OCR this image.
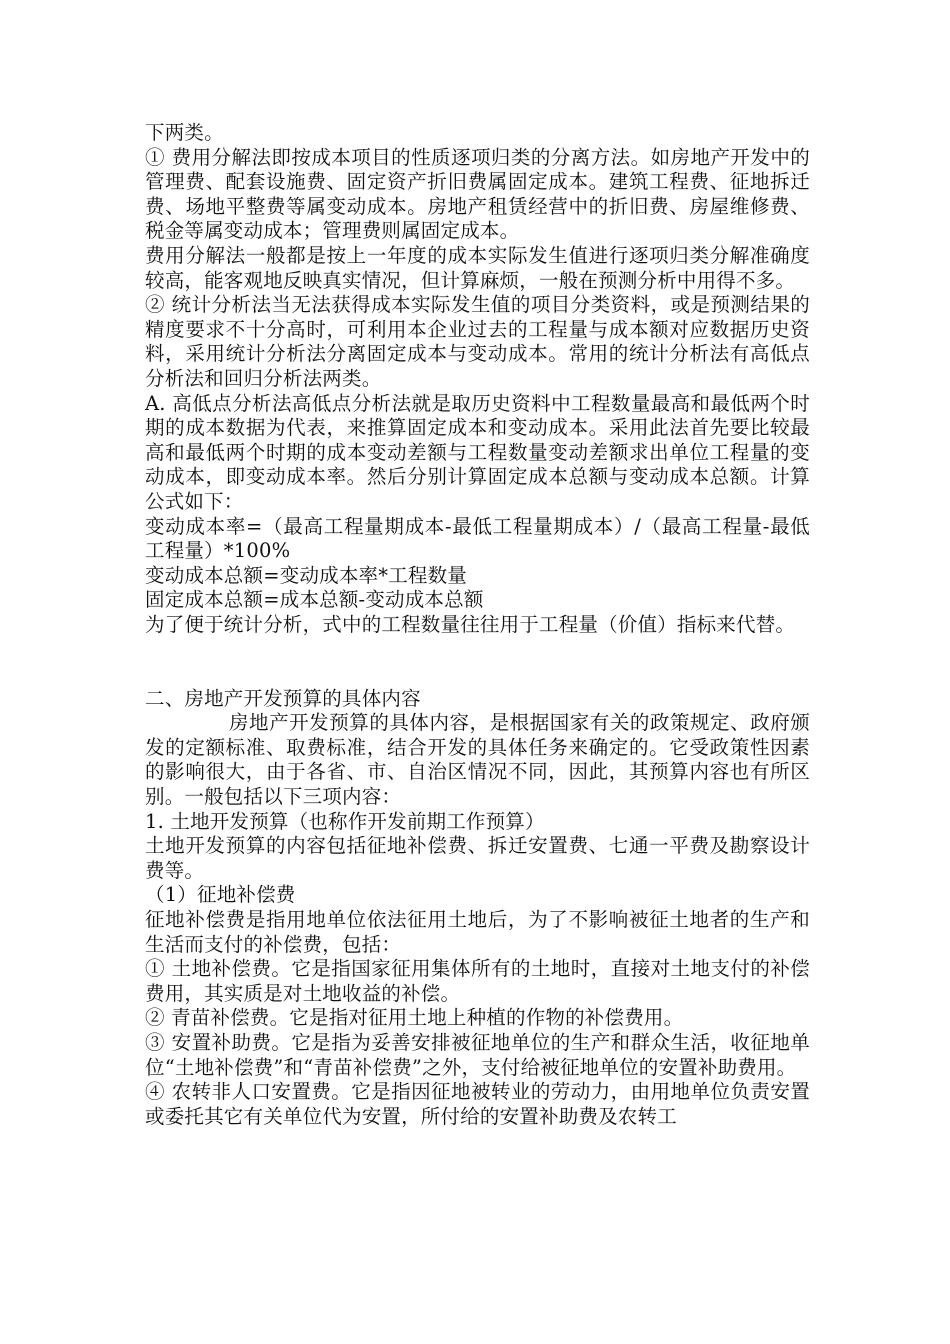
下两类。

① 费用分解法即按成本项目的性质逐项归类的分离方法。如房地产开发中的管理费、配套设施费、固定资产折旧费属固定成本。建筑工程费、征地拆迁费、场地平整费等属变动成本。房地产租赁经营中的折旧费、房屋维修费、税金等属变动成本；管理费则属固定成本。

费用分解法一般都是按上一年度的成本实际发生值进行逐项归类分解准确度较高，能客观地反映真实情况，但计算麻烦，一般在预测分析中用得不多。

② 统计分析法当无法获得成本实际发生值的项目分类资料，或是预测结果的精度要求不十分高时，可利用本企业过去的工程量与成本额对应数据历史资料，采用统计分析法分离固定成本与变动成本。常用的统计分析法有高低点分析法和回归分析法两类。

A. 高低点分析法高低点分析法就是取历史资料中工程数量最高和最低两个时期的成本数据为代表，来推算固定成本和变动成本。采用此法首先要比较最高和最低两个时期的成本变动差额与工程数量变动差额求出单位工程量的变动成本，即变动成本率。然后分别计算固定成本总额与变动成本总额。计算公式如下：

变动成本率=（最高工程量期成本-最低工程量期成本）/（最高工程量-最低工程量）*100%

变动成本总额=变动成本率*工程数量

固定成本总额=成本总额-变动成本总额

为了便于统计分析，式中的工程数量往往用于工程量（价值）指标来代替。

二、房地产开发预算的具体内容

房地产开发预算的具体内容，是根据国家有关的政策规定、政府颁发的定额标准、取费标准，结合开发的具体任务来确定的。它受政策性因素的影响很大，由于各省、市、自治区情况不同，因此，其预算内容也有所区别。一般包括以下三项内容：

1. 土地开发预算（也称作开发前期工作预算）

土地开发预算的内容包括征地补偿费、拆迁安置费、七通一平费及勘察设计费等。

（1）征地补偿费

征地补偿费是指用地单位依法征用土地后，为了不影响被征土地者的生产和生活而支付的补偿费，包括：

① 土地补偿费。它是指国家征用集体所有的土地时，直接对土地支付的补偿费用，其实质是对土地收益的补偿。

② 青苗补偿费。它是指对征用土地上种植的作物的补偿费用。

③ 安置补助费。它是指为妥善安排被征地单位的生产和群众生活，收征地单位“土地补偿费”和“青苗补偿费”之外，支付给被征地单位的安置补助费用。

④ 农转非人口安置费。它是指因征地被转业的劳动力，由用地单位负责安置或委托其它有关单位代为安置，所付给的安置补助费及农转工
